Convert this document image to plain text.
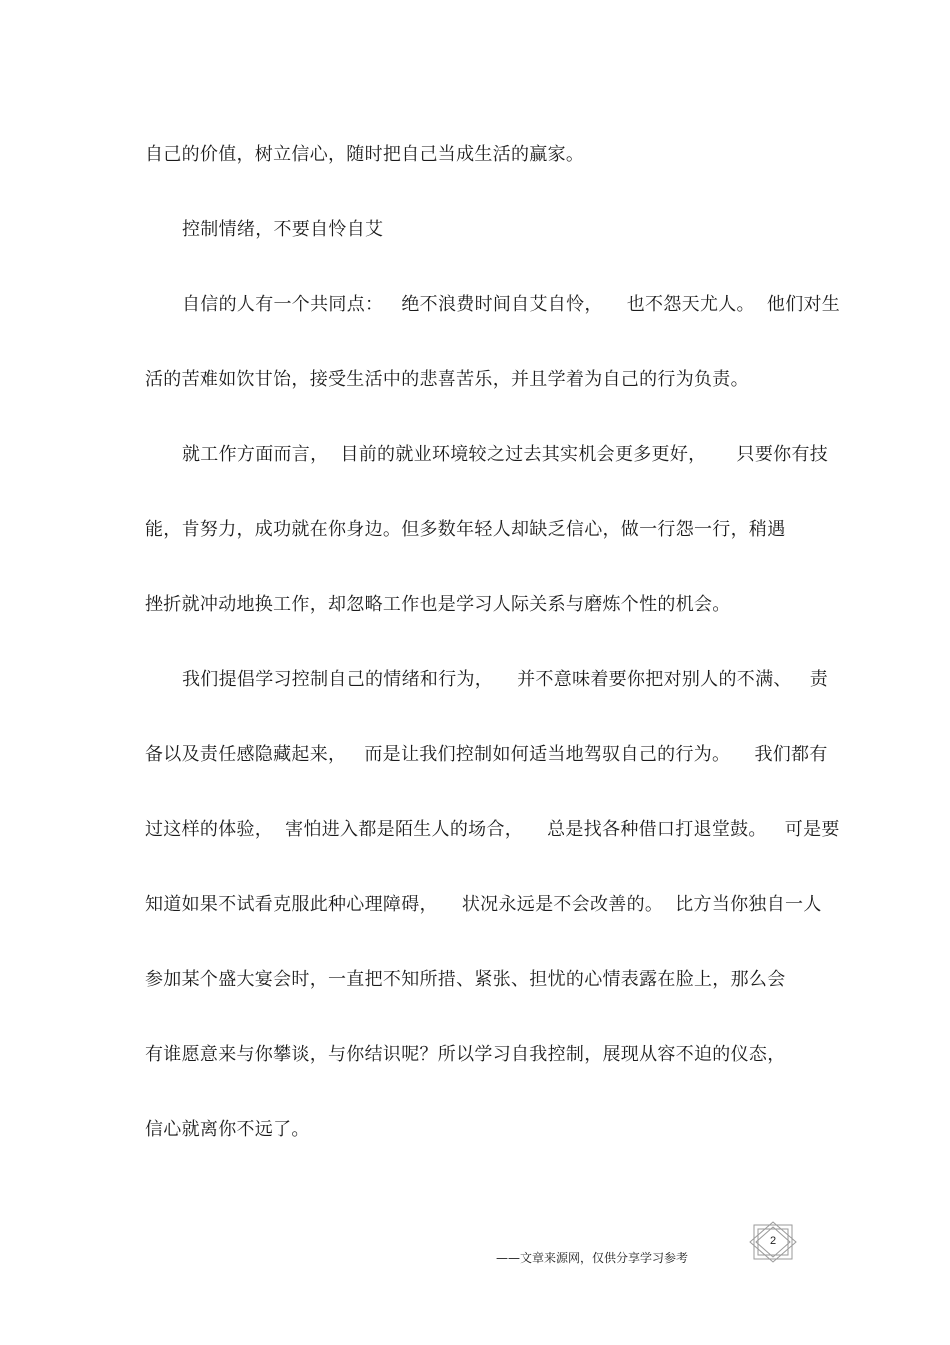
自己的价值，树立信心，随时把自己当成生活的赢家。
控制情绪，不要自怜自艾
自信的人有一个共同点：   绝不浪费时间自艾自怜，    也不怨天尤人。  他们对生
活的苦难如饮甘饴，接受生活中的悲喜苦乐，并且学着为自己的行为负责。
就工作方面而言，  目前的就业环境较之过去其实机会更多更好，     只要你有技
能，肯努力，成功就在你身边。但多数年轻人却缺乏信心，做一行怨一行，稍遇
挫折就冲动地换工作，却忽略工作也是学习人际关系与磨炼个性的机会。
我们提倡学习控制自己的情绪和行为，    并不意味着要你把对别人的不满、   责
备以及责任感隐藏起来，   而是让我们控制如何适当地驾驭自己的行为。    我们都有
过这样的体验，  害怕进入都是陌生人的场合，    总是找各种借口打退堂鼓。   可是要
知道如果不试看克服此种心理障碍，    状况永远是不会改善的。  比方当你独自一人
参加某个盛大宴会时，一直把不知所措、紧张、担忧的心情表露在脸上，那么会
有谁愿意来与你攀谈，与你结识呢？所以学习自我控制，展现从容不迫的仪态，
信心就离你不远了。
——文章来源网，仅供分享学习参考
2
